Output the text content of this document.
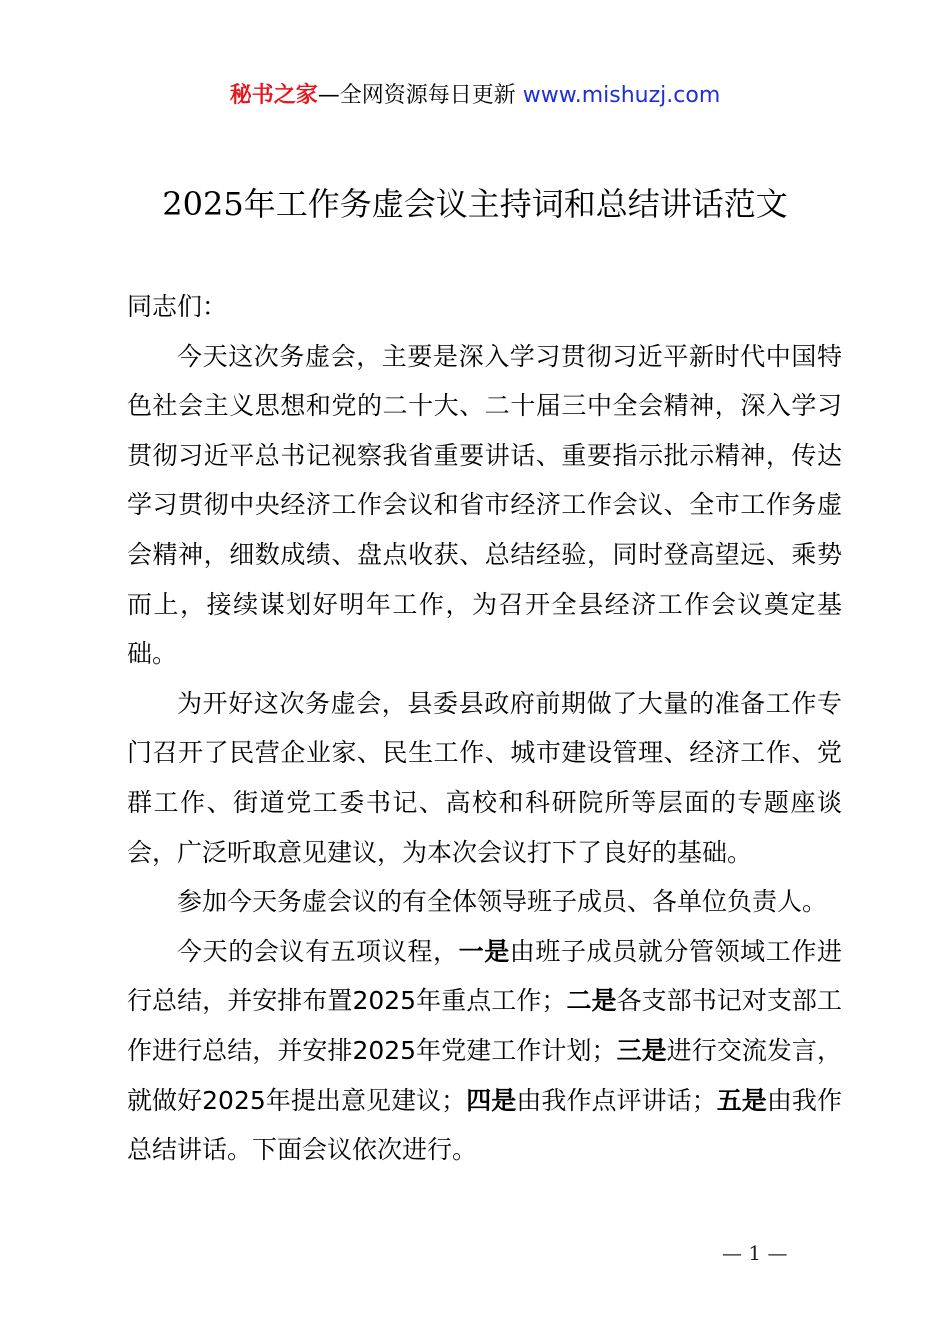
秘书之家—全网资源每日更新 www.mishuzj.com
2025年工作务虚会议主持词和总结讲话范文

同志们：

今天这次务虚会，主要是深入学习贯彻习近平新时代中国特色社会主义思想和党的二十大、二十届三中全会精神，深入学习贯彻习近平总书记视察我省重要讲话、重要指示批示精神，传达学习贯彻中央经济工作会议和省市经济工作会议、全市工作务虚会精神，细数成绩、盘点收获、总结经验，同时登高望远、乘势而上，接续谋划好明年工作，为召开全县经济工作会议奠定基础。

为开好这次务虚会，县委县政府前期做了大量的准备工作专门召开了民营企业家、民生工作、城市建设管理、经济工作、党群工作、街道党工委书记、高校和科研院所等层面的专题座谈会，广泛听取意见建议，为本次会议打下了良好的基础。

参加今天务虚会议的有全体领导班子成员、各单位负责人。

今天的会议有五项议程，一是由班子成员就分管领域工作进行总结，并安排布置2025年重点工作；二是各支部书记对支部工作进行总结，并安排2025年党建工作计划；三是进行交流发言，就做好2025年提出意见建议；四是由我作点评讲话；五是由我作总结讲话。下面会议依次进行。

— 1 —
